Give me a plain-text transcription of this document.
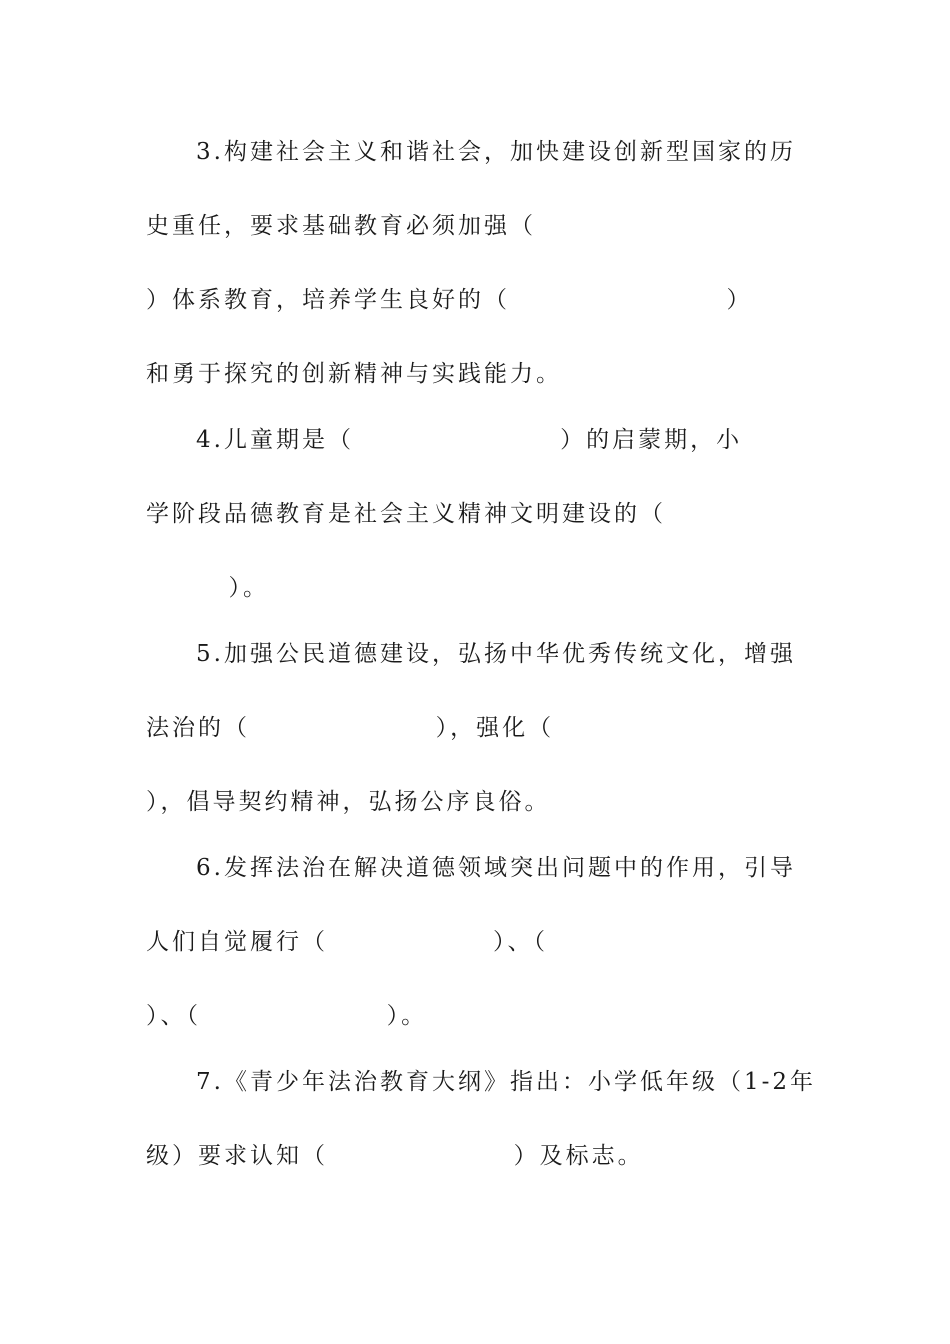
3.构建社会主义和谐社会，加快建设创新型国家的历
史重任，要求基础教育必须加强（
）体系教育，培养学生良好的（                     ）
和勇于探究的创新精神与实践能力。
4.儿童期是（                    ）的启蒙期，小
学阶段品德教育是社会主义精神文明建设的（
）。
5.加强公民道德建设，弘扬中华优秀传统文化，增强
法治的（                  ），强化（
），倡导契约精神，弘扬公序良俗。
6.发挥法治在解决道德领域突出问题中的作用，引导
人们自觉履行（                ）、（
）、（                  ）。
7.《青少年法治教育大纲》指出：小学低年级（1-2年
级）要求认知（                  ）及标志。
